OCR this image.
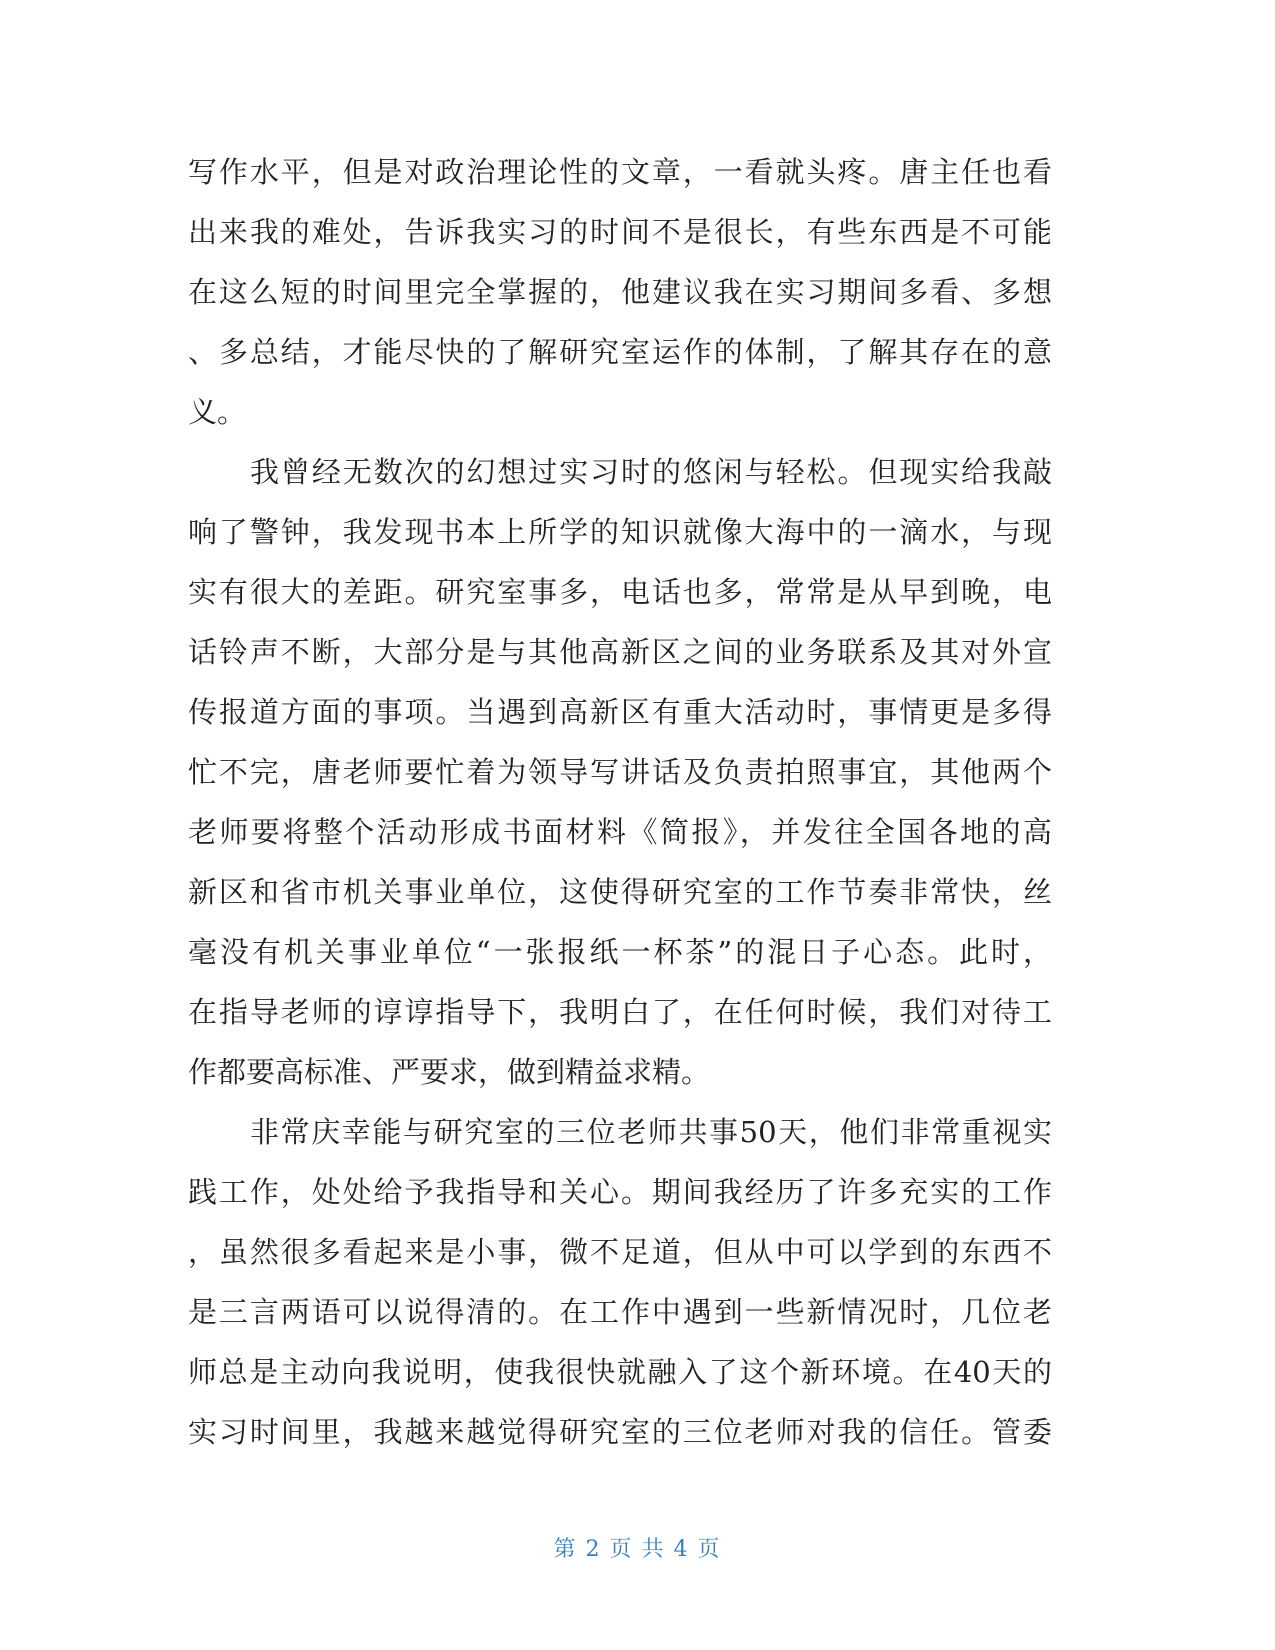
写作水平，但是对政治理论性的文章，一看就头疼。唐主任也看
出来我的难处，告诉我实习的时间不是很长，有些东西是不可能
在这么短的时间里完全掌握的，他建议我在实习期间多看、多想
、多总结，才能尽快的了解研究室运作的体制，了解其存在的意
义。
我曾经无数次的幻想过实习时的悠闲与轻松。但现实给我敲
响了警钟，我发现书本上所学的知识就像大海中的一滴水，与现
实有很大的差距。研究室事多，电话也多，常常是从早到晚，电
话铃声不断，大部分是与其他高新区之间的业务联系及其对外宣
传报道方面的事项。当遇到高新区有重大活动时，事情更是多得
忙不完，唐老师要忙着为领导写讲话及负责拍照事宜，其他两个
老师要将整个活动形成书面材料《简报》，并发往全国各地的高
新区和省市机关事业单位，这使得研究室的工作节奏非常快，丝
毫没有机关事业单位“一张报纸一杯茶”的混日子心态。此时，
在指导老师的谆谆指导下，我明白了，在任何时候，我们对待工
作都要高标准、严要求，做到精益求精。
非常庆幸能与研究室的三位老师共事50天，他们非常重视实
践工作，处处给予我指导和关心。期间我经历了许多充实的工作
，虽然很多看起来是小事，微不足道，但从中可以学到的东西不
是三言两语可以说得清的。在工作中遇到一些新情况时，几位老
师总是主动向我说明，使我很快就融入了这个新环境。在40天的
实习时间里，我越来越觉得研究室的三位老师对我的信任。管委
第 2 页 共 4 页
